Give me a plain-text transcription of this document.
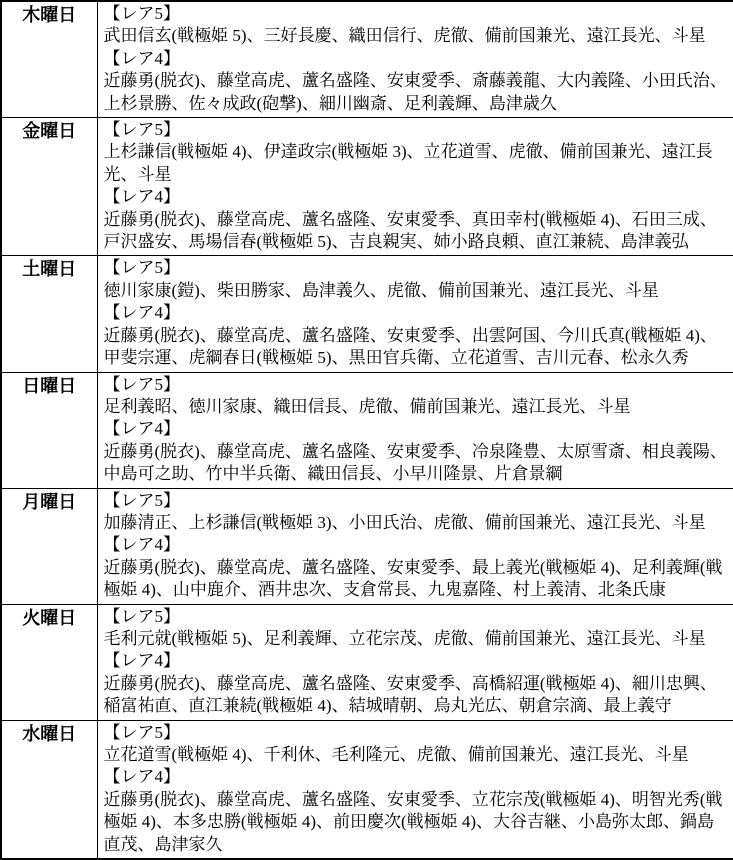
木曜日	【レア5】
武田信玄(戦極姫 5)、三好長慶、織田信行、虎徹、備前国兼光、遠江長光、斗星
【レア4】
近藤勇(脱衣)、藤堂高虎、蘆名盛隆、安東愛季、斎藤義龍、大内義隆、小田氏治、上杉景勝、佐々成政(砲撃)、細川幽斎、足利義輝、島津歳久

金曜日	【レア5】
上杉謙信(戦極姫 4)、伊達政宗(戦極姫 3)、立花道雪、虎徹、備前国兼光、遠江長光、斗星
【レア4】
近藤勇(脱衣)、藤堂高虎、蘆名盛隆、安東愛季、真田幸村(戦極姫 4)、石田三成、戸沢盛安、馬場信春(戦極姫 5)、吉良親実、姉小路良頼、直江兼続、島津義弘

土曜日	【レア5】
徳川家康(鎧)、柴田勝家、島津義久、虎徹、備前国兼光、遠江長光、斗星
【レア4】
近藤勇(脱衣)、藤堂高虎、蘆名盛隆、安東愛季、出雲阿国、今川氏真(戦極姫 4)、甲斐宗運、虎綱春日(戦極姫 5)、黒田官兵衛、立花道雪、吉川元春、松永久秀

日曜日	【レア5】
足利義昭、徳川家康、織田信長、虎徹、備前国兼光、遠江長光、斗星
【レア4】
近藤勇(脱衣)、藤堂高虎、蘆名盛隆、安東愛季、冷泉隆豊、太原雪斎、相良義陽、中島可之助、竹中半兵衛、織田信長、小早川隆景、片倉景綱

月曜日	【レア5】
加藤清正、上杉謙信(戦極姫 3)、小田氏治、虎徹、備前国兼光、遠江長光、斗星
【レア4】
近藤勇(脱衣)、藤堂高虎、蘆名盛隆、安東愛季、最上義光(戦極姫 4)、足利義輝(戦極姫 4)、山中鹿介、酒井忠次、支倉常長、九鬼嘉隆、村上義清、北条氏康

火曜日	【レア5】
毛利元就(戦極姫 5)、足利義輝、立花宗茂、虎徹、備前国兼光、遠江長光、斗星
【レア4】
近藤勇(脱衣)、藤堂高虎、蘆名盛隆、安東愛季、高橋紹運(戦極姫 4)、細川忠興、稲富祐直、直江兼続(戦極姫 4)、結城晴朝、烏丸光広、朝倉宗滴、最上義守

水曜日	【レア5】
立花道雪(戦極姫 4)、千利休、毛利隆元、虎徹、備前国兼光、遠江長光、斗星
【レア4】
近藤勇(脱衣)、藤堂高虎、蘆名盛隆、安東愛季、立花宗茂(戦極姫 4)、明智光秀(戦極姫 4)、本多忠勝(戦極姫 4)、前田慶次(戦極姫 4)、大谷吉継、小島弥太郎、鍋島直茂、島津家久
